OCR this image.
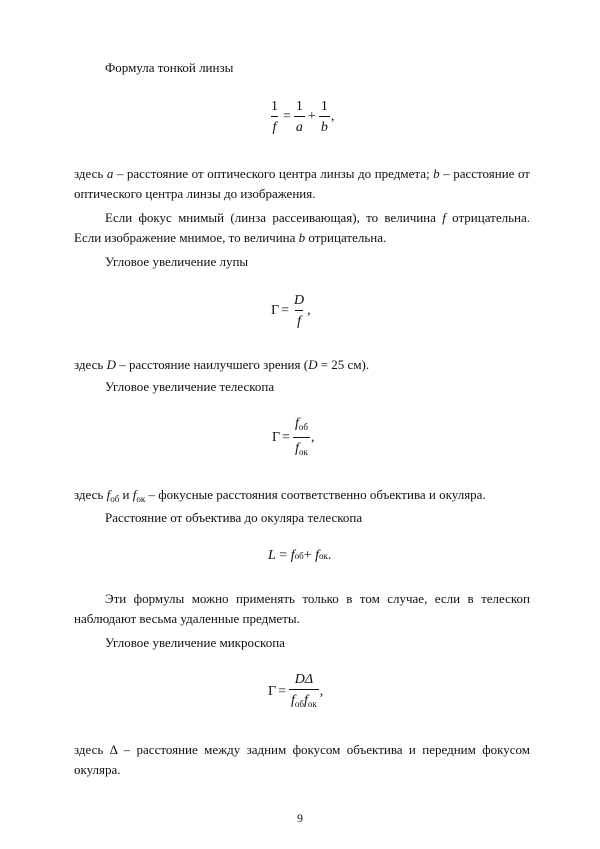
Формула тонкой линзы

$\frac{1}{f} = \frac{1}{a} + \frac{1}{b}$ ,

здесь a – расстояние от оптического центра линзы до предмета; b – расстояние от оптического центра линзы до изображения.

Если фокус мнимый (линза рассеивающая), то величина f отрицательна. Если изображение мнимое, то величина b отрицательна.

Угловое увеличение лупы

$Г = \frac{D}{f}$ ,

здесь D – расстояние наилучшего зрения (D = 25 см).

Угловое увеличение телескопа

$Г = \frac{f_{об}}{f_{ок}}$ ,

здесь $f_{об}$ и $f_{ок}$ – фокусные расстояния соответственно объектива и окуляра.

Расстояние от объектива до окуляра телескопа

L = f об + f ок .

Эти формулы можно применять только в том случае, если в телескоп наблюдают весьма удаленные предметы.

Угловое увеличение микроскопа

$Г = \frac{D\Delta}{f_{об}f_{ок}}$ ,

здесь Δ – расстояние между задним фокусом объектива и передним фокусом окуляра.

9
